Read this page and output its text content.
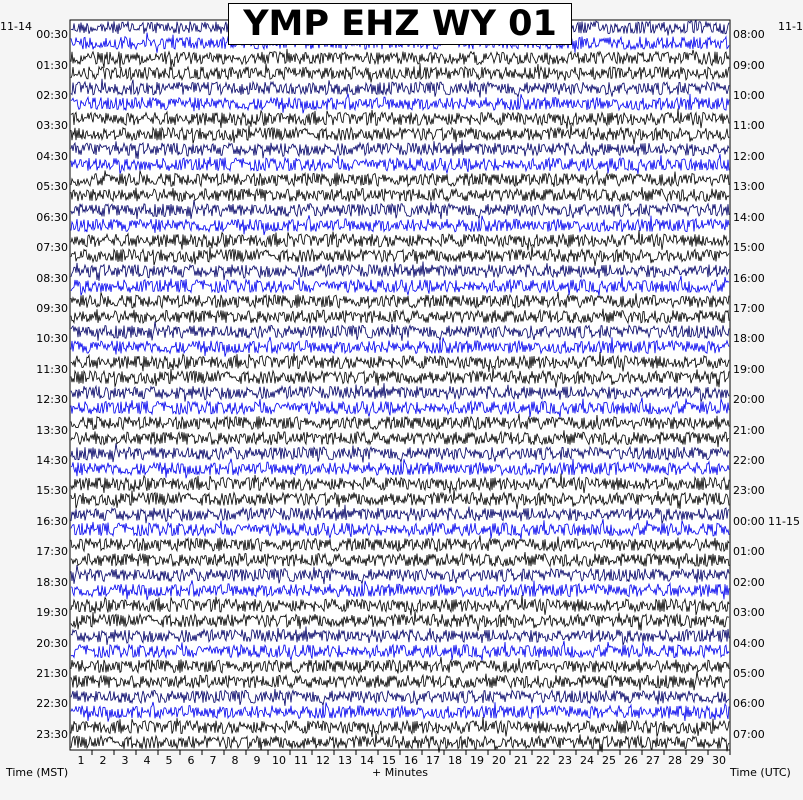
1 2 3 4 5 6 7 8 9 10 11 12 13 14 15 16 17 18 19 20 21 22 23 24 25 26 27 28 29 30
YMP EHZ WY 01
11-14	11-1
Time (MST)	+ Minutes	Time (UTC)
00:30
01:30
02:30
03:30
04:30
05:30
06:30
07:30
08:30
09:30
10:30
11:30
12:30
13:30
14:30
15:30
16:30
17:30
18:30
19:30
20:30
21:30
22:30
23:30
08:00
09:00
10:00
11:00
12:00
13:00
14:00
15:00
16:00
17:00
18:00
19:00
20:00
21:00
22:00
23:00
00:00 11-15
01:00
02:00
03:00
04:00
05:00
06:00
07:00
